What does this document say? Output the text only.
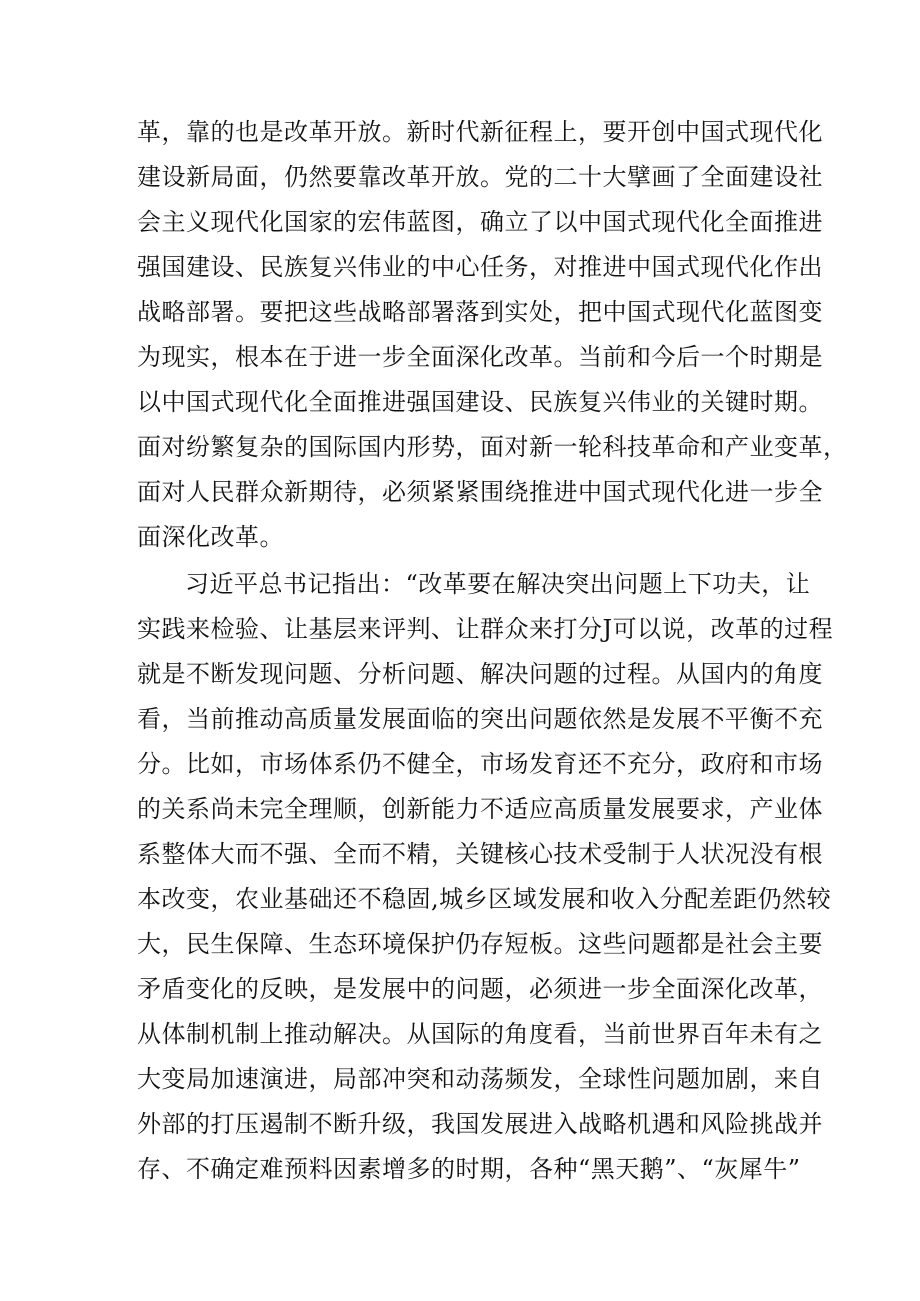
革，靠的也是改革开放。新时代新征程上，要开创中国式现代化
建设新局面，仍然要靠改革开放。党的二十大擘画了全面建设社
会主义现代化国家的宏伟蓝图，确立了以中国式现代化全面推进
强国建设、民族复兴伟业的中心任务，对推进中国式现代化作出
战略部署。要把这些战略部署落到实处，把中国式现代化蓝图变
为现实，根本在于进一步全面深化改革。当前和今后一个时期是
以中国式现代化全面推进强国建设、民族复兴伟业的关键时期。
面对纷繁复杂的国际国内形势，面对新一轮科技革命和产业变革，
面对人民群众新期待，必须紧紧围绕推进中国式现代化进一步全
面深化改革。
习近平总书记指出：“改革要在解决突出问题上下功夫，让
实践来检验、让基层来评判、让群众来打分J可以说，改革的过程
就是不断发现问题、分析问题、解决问题的过程。从国内的角度
看，当前推动高质量发展面临的突出问题依然是发展不平衡不充
分。比如，市场体系仍不健全，市场发育还不充分，政府和市场
的关系尚未完全理顺，创新能力不适应高质量发展要求，产业体
系整体大而不强、全而不精，关键核心技术受制于人状况没有根
本改变，农业基础还不稳固,城乡区域发展和收入分配差距仍然较
大，民生保障、生态环境保护仍存短板。这些问题都是社会主要
矛盾变化的反映，是发展中的问题，必须进一步全面深化改革，
从体制机制上推动解决。从国际的角度看，当前世界百年未有之
大变局加速演进，局部冲突和动荡频发，全球性问题加剧，来自
外部的打压遏制不断升级，我国发展进入战略机遇和风险挑战并
存、不确定难预料因素增多的时期，各种“黑天鹅”、“灰犀牛”
